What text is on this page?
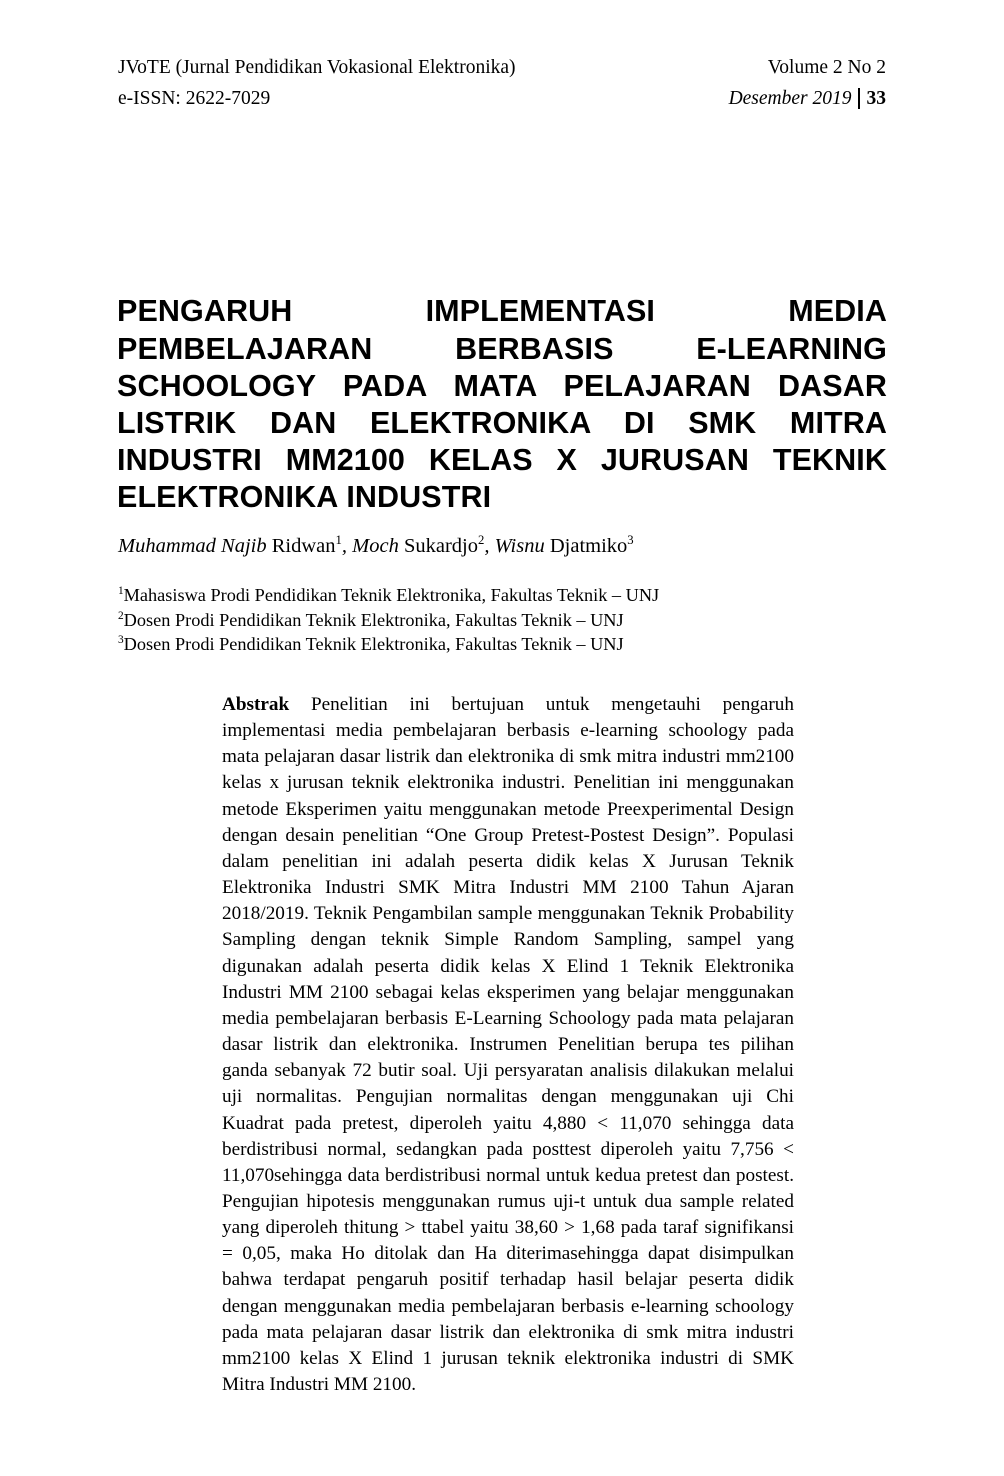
JVoTE (Jurnal Pendidikan Vokasional Elektronika)	Volume 2 No 2
e-ISSN: 2622-7029	Desember 2019 33
PENGARUH IMPLEMENTASI MEDIA PEMBELAJARAN BERBASIS E-LEARNING SCHOOLOGY PADA MATA PELAJARAN DASAR LISTRIK DAN ELEKTRONIKA DI SMK MITRA INDUSTRI MM2100 KELAS X JURUSAN TEKNIK ELEKTRONIKA INDUSTRI
Muhammad Najib Ridwan$^1$, Moch Sukardjo$^2$, Wisnu Djatmiko$^3$
$^1$Mahasiswa Prodi Pendidikan Teknik Elektronika, Fakultas Teknik – UNJ
$^2$Dosen Prodi Pendidikan Teknik Elektronika, Fakultas Teknik – UNJ
$^3$Dosen Prodi Pendidikan Teknik Elektronika, Fakultas Teknik – UNJ
Abstrak Penelitian ini bertujuan untuk mengetauhi pengaruh implementasi media pembelajaran berbasis e-learning schoology pada mata pelajaran dasar listrik dan elektronika di smk mitra industri mm2100 kelas x jurusan teknik elektronika industri. Penelitian ini menggunakan metode Eksperimen yaitu menggunakan metode Preexperimental Design dengan desain penelitian “One Group Pretest-Postest Design”. Populasi dalam penelitian ini adalah peserta didik kelas X Jurusan Teknik Elektronika Industri SMK Mitra Industri MM 2100 Tahun Ajaran 2018/2019. Teknik Pengambilan sample menggunakan Teknik Probability Sampling dengan teknik Simple Random Sampling, sampel yang digunakan adalah peserta didik kelas X Elind 1 Teknik Elektronika Industri MM 2100 sebagai kelas eksperimen yang belajar menggunakan media pembelajaran berbasis E-Learning Schoology pada mata pelajaran dasar listrik dan elektronika. Instrumen Penelitian berupa tes pilihan ganda sebanyak 72 butir soal. Uji persyaratan analisis dilakukan melalui uji normalitas. Pengujian normalitas dengan menggunakan uji Chi Kuadrat pada pretest, diperoleh yaitu 4,880 < 11,070 sehingga data berdistribusi normal, sedangkan pada posttest diperoleh yaitu 7,756 < 11,070sehingga data berdistribusi normal untuk kedua pretest dan postest. Pengujian hipotesis menggunakan rumus uji-t untuk dua sample related yang diperoleh thitung > ttabel yaitu 38,60 > 1,68 pada taraf signifikansi = 0,05, maka Ho ditolak dan Ha diterimasehingga dapat disimpulkan bahwa terdapat pengaruh positif terhadap hasil belajar peserta didik dengan menggunakan media pembelajaran berbasis e-learning schoology pada mata pelajaran dasar listrik dan elektronika di smk mitra industri mm2100 kelas X Elind 1 jurusan teknik elektronika industri di SMK Mitra Industri MM 2100.
